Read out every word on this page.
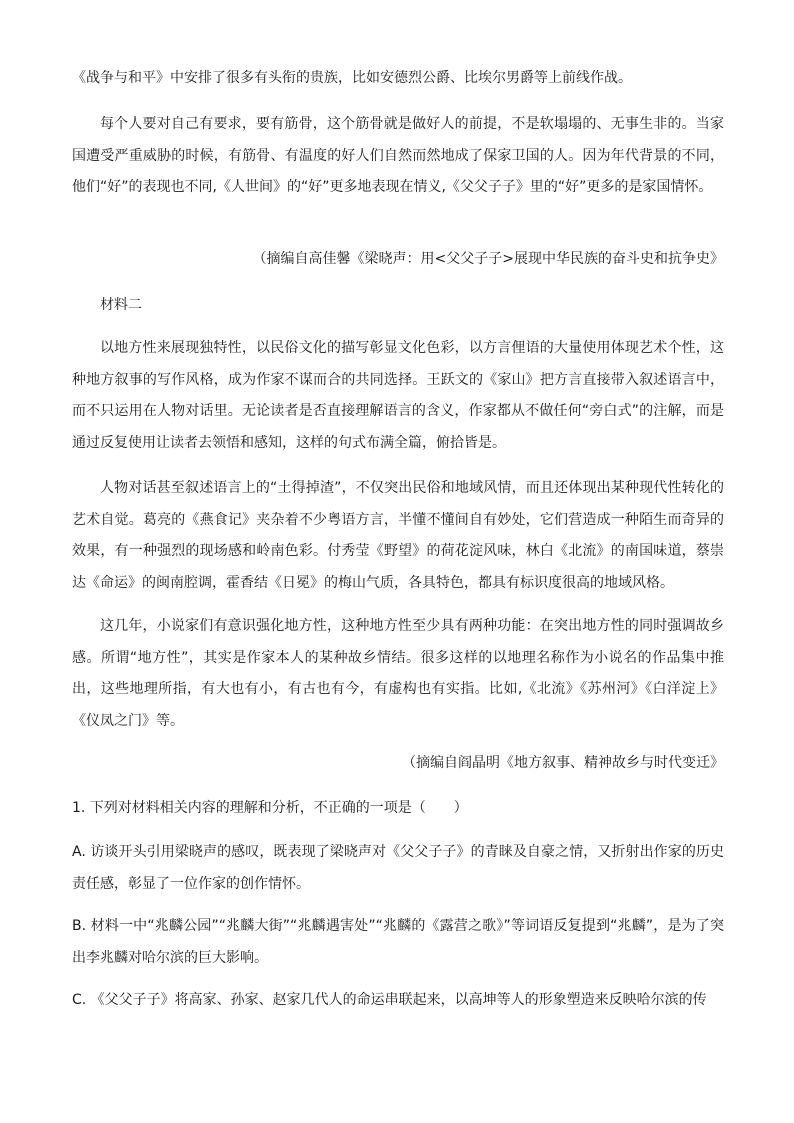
《战争与和平》中安排了很多有头衔的贵族，比如安德烈公爵、比埃尔男爵等上前线作战。

每个人要对自己有要求，要有筋骨，这个筋骨就是做好人的前提，不是软塌塌的、无事生非的。当家国遭受严重威胁的时候，有筋骨、有温度的好人们自然而然地成了保家卫国的人。因为年代背景的不同，他们“好”的表现也不同,《人世间》的“好”更多地表现在情义,《父父子子》里的“好”更多的是家国情怀。

（摘编自高佳馨《梁晓声：用<父父子子>展现中华民族的奋斗史和抗争史》

材料二

以地方性来展现独特性，以民俗文化的描写彰显文化色彩，以方言俚语的大量使用体现艺术个性，这种地方叙事的写作风格，成为作家不谋而合的共同选择。王跃文的《家山》把方言直接带入叙述语言中，而不只运用在人物对话里。无论读者是否直接理解语言的含义，作家都从不做任何“旁白式”的注解，而是通过反复使用让读者去领悟和感知，这样的句式布满全篇，俯拾皆是。

人物对话甚至叙述语言上的“土得掉渣”，不仅突出民俗和地域风情，而且还体现出某种现代性转化的艺术自觉。葛亮的《燕食记》夹杂着不少粤语方言，半懂不懂间自有妙处，它们营造成一种陌生而奇异的效果，有一种强烈的现场感和岭南色彩。付秀莹《野望》的荷花淀风味，林白《北流》的南国味道，蔡崇达《命运》的闽南腔调，霍香结《日冕》的梅山气质，各具特色，都具有标识度很高的地域风格。

这几年，小说家们有意识强化地方性，这种地方性至少具有两种功能：在突出地方性的同时强调故乡感。所谓“地方性”，其实是作家本人的某种故乡情结。很多这样的以地理名称作为小说名的作品集中推出，这些地理所指，有大也有小，有古也有今，有虚构也有实指。比如,《北流》《苏州河》《白洋淀上》《仪凤之门》等。

（摘编自阎晶明《地方叙事、精神故乡与时代变迁》

1. 下列对材料相关内容的理解和分析，不正确的一项是（　　）

A. 访谈开头引用梁晓声的感叹，既表现了梁晓声对《父父子子》的青睐及自豪之情，又折射出作家的历史责任感，彰显了一位作家的创作情怀。

B. 材料一中“兆麟公园”“兆麟大街”“兆麟遇害处”“兆麟的《露营之歌》”等词语反复提到“兆麟”，是为了突出李兆麟对哈尔滨的巨大影响。

C. 《父父子子》将高家、孙家、赵家几代人的命运串联起来，以高坤等人的形象塑造来反映哈尔滨的传
